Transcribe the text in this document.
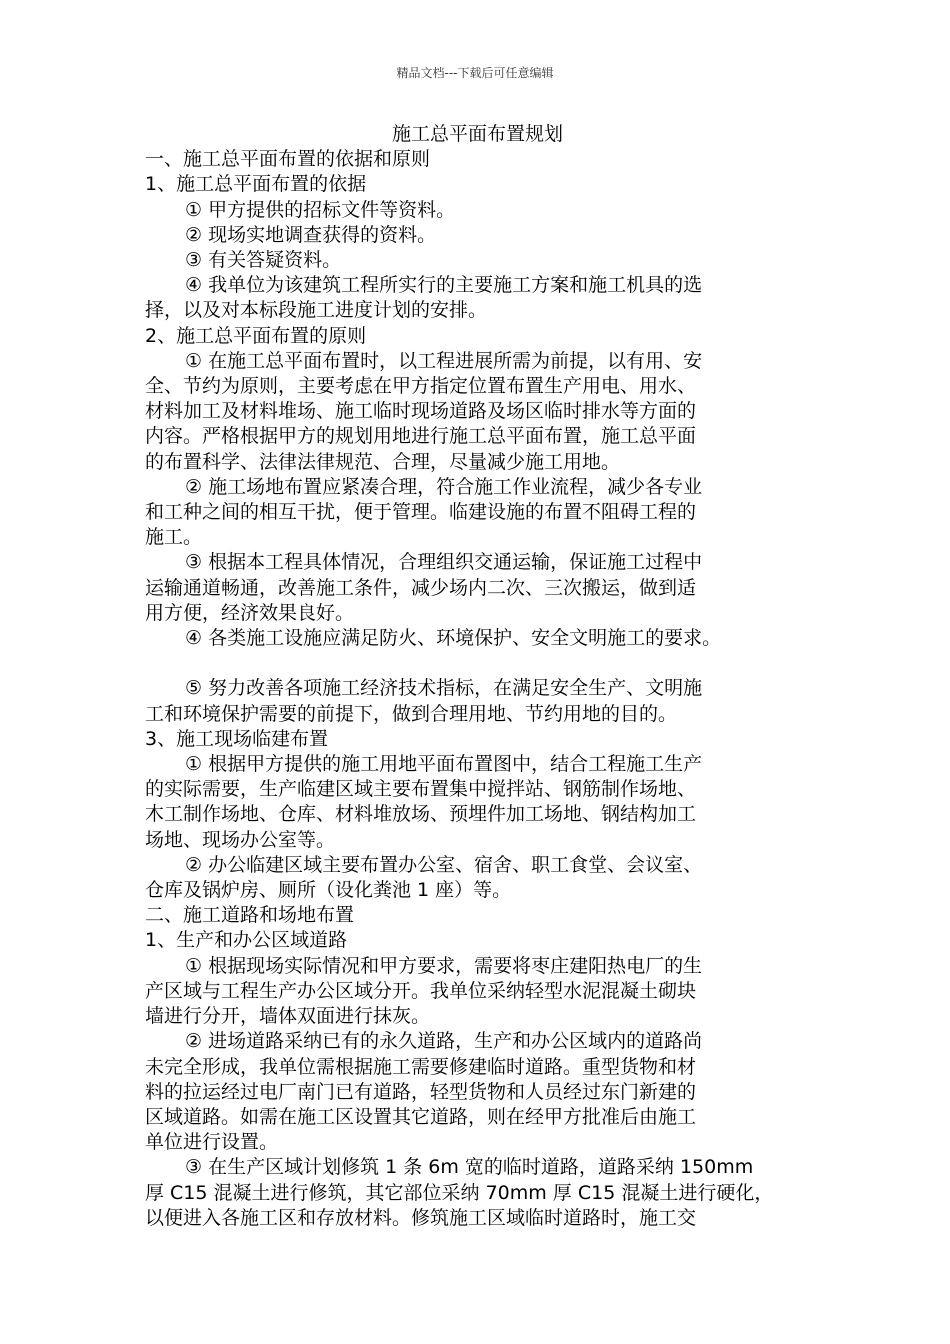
精品文档---下载后可任意编辑
施工总平面布置规划
一、施工总平面布置的依据和原则
1、施工总平面布置的依据
① 甲方提供的招标文件等资料。
② 现场实地调查获得的资料。
③ 有关答疑资料。
④ 我单位为该建筑工程所实行的主要施工方案和施工机具的选
择，以及对本标段施工进度计划的安排。
2、施工总平面布置的原则
① 在施工总平面布置时，以工程进展所需为前提，以有用、安
全、节约为原则，主要考虑在甲方指定位置布置生产用电、用水、
材料加工及材料堆场、施工临时现场道路及场区临时排水等方面的
内容。严格根据甲方的规划用地进行施工总平面布置，施工总平面
的布置科学、法律法律规范、合理，尽量减少施工用地。
② 施工场地布置应紧凑合理，符合施工作业流程，减少各专业
和工种之间的相互干扰，便于管理。临建设施的布置不阻碍工程的
施工。
③ 根据本工程具体情况，合理组织交通运输，保证施工过程中
运输通道畅通，改善施工条件，减少场内二次、三次搬运，做到适
用方便，经济效果良好。
④ 各类施工设施应满足防火、环境保护、安全文明施工的要求。
⑤ 努力改善各项施工经济技术指标，在满足安全生产、文明施
工和环境保护需要的前提下，做到合理用地、节约用地的目的。
3、施工现场临建布置
① 根据甲方提供的施工用地平面布置图中，结合工程施工生产
的实际需要，生产临建区域主要布置集中搅拌站、钢筋制作场地、
木工制作场地、仓库、材料堆放场、预埋件加工场地、钢结构加工
场地、现场办公室等。
② 办公临建区域主要布置办公室、宿舍、职工食堂、会议室、
仓库及锅炉房、厕所（设化粪池 1 座）等。
二、施工道路和场地布置
1、生产和办公区域道路
① 根据现场实际情况和甲方要求，需要将枣庄建阳热电厂的生
产区域与工程生产办公区域分开。我单位采纳轻型水泥混凝土砌块
墙进行分开，墙体双面进行抹灰。
② 进场道路采纳已有的永久道路，生产和办公区域内的道路尚
未完全形成，我单位需根据施工需要修建临时道路。重型货物和材
料的拉运经过电厂南门已有道路，轻型货物和人员经过东门新建的
区域道路。如需在施工区设置其它道路，则在经甲方批准后由施工
单位进行设置。
③ 在生产区域计划修筑 1 条 6m 宽的临时道路，道路采纳 150mm
厚 C15 混凝土进行修筑，其它部位采纳 70mm 厚 C15 混凝土进行硬化，
以便进入各施工区和存放材料。修筑施工区域临时道路时，施工交
